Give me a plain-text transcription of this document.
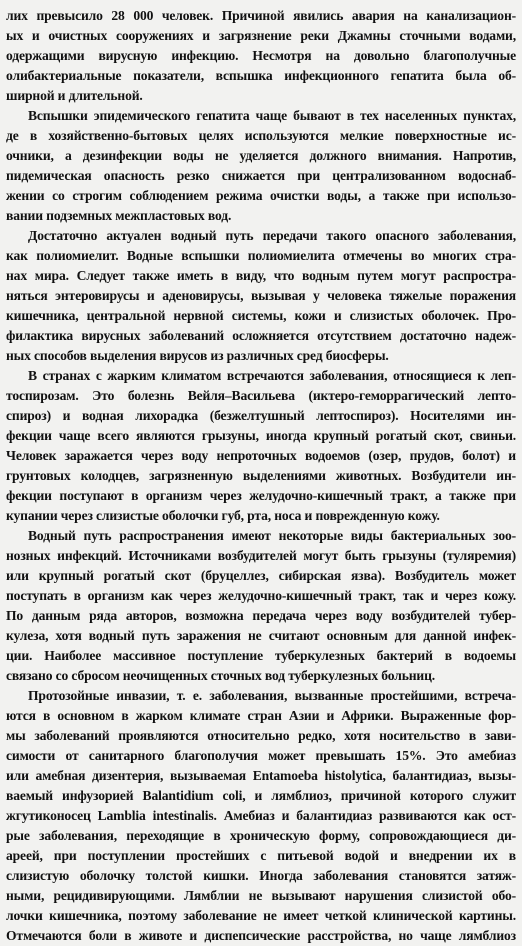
лих превысило 28 000 человек. Причиной явились авария на канализацион-
ых и очистных сооружениях и загрязнение реки Джамны сточными водами,
одержащими вирусную инфекцию. Несмотря на довольно благополучные
олибактериальные показатели, вспышка инфекционного гепатита была об-
ширной и длительной.
Вспышки эпидемического гепатита чаще бывают в тех населенных пунктах,
де в хозяйственно-бытовых целях используются мелкие поверхностные ис-
очники, а дезинфекции воды не уделяется должного внимания. Напротив,
пидемическая опасность резко снижается при централизованном водоснаб-
жении со строгим соблюдением режима очистки воды, а также при использо-
вании подземных межпластовых вод.
Достаточно актуален водный путь передачи такого опасного заболевания,
как полиомиелит. Водные вспышки полиомиелита отмечены во многих стра-
нах мира. Следует также иметь в виду, что водным путем могут распростра-
няться энтеровирусы и аденовирусы, вызывая у человека тяжелые поражения
кишечника, центральной нервной системы, кожи и слизистых оболочек. Про-
филактика вирусных заболеваний осложняется отсутствием достаточно надеж-
ных способов выделения вирусов из различных сред биосферы.
В странах с жарким климатом встречаются заболевания, относящиеся к леп-
тоспирозам. Это болезнь Вейля–Васильева (иктеро-геморрагический лепто-
спироз) и водная лихорадка (безжелтушный лептоспироз). Носителями ин-
фекции чаще всего являются грызуны, иногда крупный рогатый скот, свиньи.
Человек заражается через воду непроточных водоемов (озер, прудов, болот) и
грунтовых колодцев, загрязненную выделениями животных. Возбудители ин-
фекции поступают в организм через желудочно-кишечный тракт, а также при
купании через слизистые оболочки губ, рта, носа и поврежденную кожу.
Водный путь распространения имеют некоторые виды бактериальных зоо-
нозных инфекций. Источниками возбудителей могут быть грызуны (туляремия)
или крупный рогатый скот (бруцеллез, сибирская язва). Возбудитель может
поступать в организм как через желудочно-кишечный тракт, так и через кожу.
По данным ряда авторов, возможна передача через воду возбудителей тубер-
кулеза, хотя водный путь заражения не считают основным для данной инфек-
ции. Наиболее массивное поступление туберкулезных бактерий в водоемы
связано со сбросом неочищенных сточных вод туберкулезных больниц.
Протозойные инвазии, т. е. заболевания, вызванные простейшими, встреча-
ются в основном в жарком климате стран Азии и Африки. Выраженные фор-
мы заболеваний проявляются относительно редко, хотя носительство в зави-
симости от санитарного благополучия может превышать 15%. Это амебиаз
или амебная дизентерия, вызываемая Entamoeba histolytica, балантидиаз, вызы-
ваемый инфузорией Balantidium coli, и лямблиоз, причиной которого служит
жгутиконосец Lamblia intestinalis. Амебиаз и балантидиаз развиваются как ост-
рые заболевания, переходящие в хроническую форму, сопровождающиеся ди-
ареей, при поступлении простейших с питьевой водой и внедрении их в
слизистую оболочку толстой кишки. Иногда заболевания становятся затяж-
ными, рецидивирующими. Лямблии не вызывают нарушения слизистой обо-
лочки кишечника, поэтому заболевание не имеет четкой клинической картины.
Отмечаются боли в животе и диспепсические расстройства, но чаще лямблиоз
